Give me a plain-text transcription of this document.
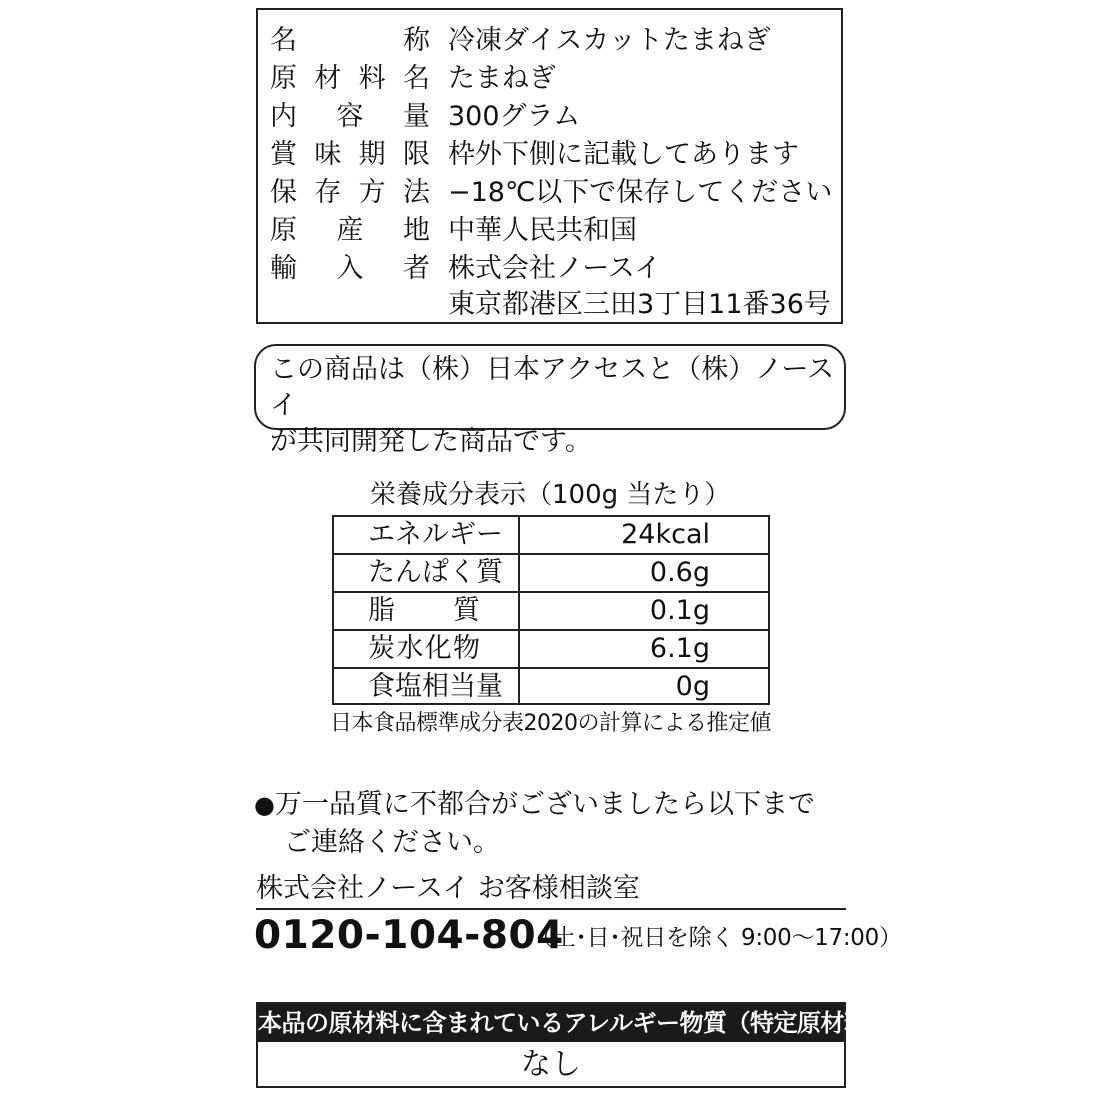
名	称 冷凍ダイスカットたまねぎ
原 材 料 名 たまねぎ
内 容 量 300グラム
賞 味 期 限 枠外下側に記載してあります
保 存 方 法 −18℃以下で保存してください
原 産 地 中華人民共和国
輸 入 者 株式会社ノースイ
東京都港区三田3丁目11番36号
この商品は（株）日本アクセスと（株）ノースイ
が共同開発した商品です。
栄養成分表示（100g 当たり）
エネルギー	24kcal
たんぱく質	0.6g
脂 質	0.1g
炭 水 化 物	6.1g
食塩相当量	0g
日本食品標準成分表2020の計算による推定値
●万一品質に不都合がございましたら以下まで
ご連絡ください。
株式会社ノースイ お客様相談室
0120-104-804
（土･日･祝日を除く 9:00～17:00）
本品の原材料に含まれているアレルギー物質（特定原材料等）
なし
